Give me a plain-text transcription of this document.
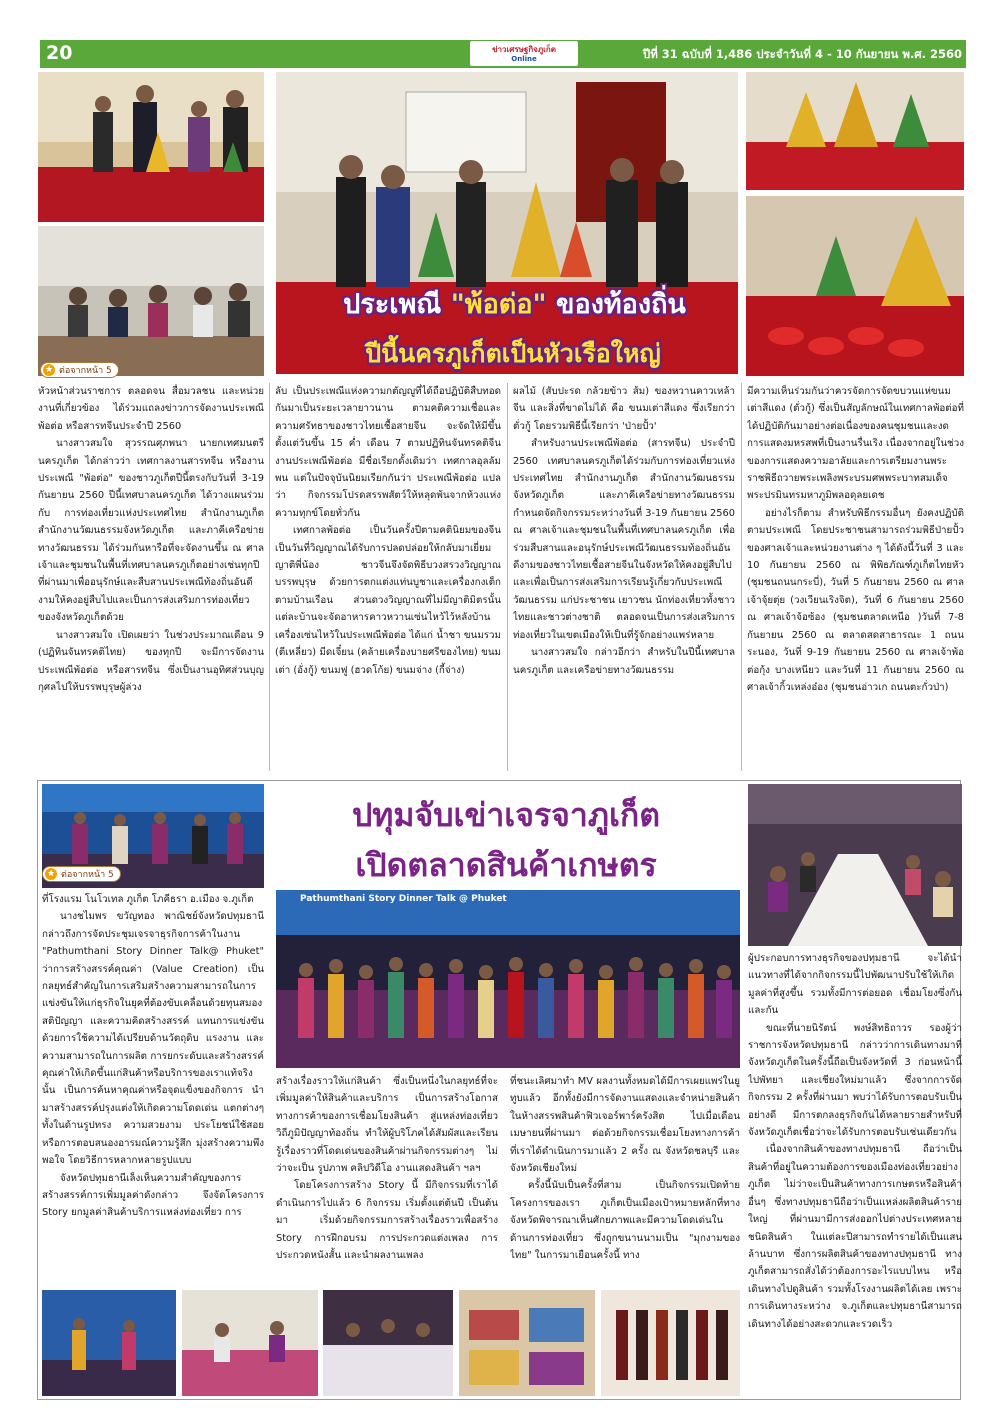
20	ข่าวเศรษฐกิจภูเก็ต
Online	ปีที่ 31 ฉบับที่ 1,486 ประจำวันที่ 4 - 10 กันยายน พ.ศ. 2560
★ ต่อจากหน้า 5
ประเพณี "พ้อต่อ" ของท้องถิ่น
ปีนี้นครภูเก็ตเป็นหัวเรือใหญ่

หัวหน้าส่วนราชการ ตลอดจน สื่อมวลชน และหน่วยงานที่เกี่ยวข้อง ได้ร่วมแถลงข่าวการจัดงานประเพณีพ้อต่อ หรือสารทจีนประจำปี 2560

นางสาวสมใจ สุวรรณศุภพนา นายกเทศมนตรีนครภูเก็ต ได้กล่าวว่า เทศกาลงานสารทจีน หรืองานประเพณี "พ้อต่อ" ของชาวภูเก็ตปีนี้ตรงกับวันที่ 3-19 กันยายน 2560 ปีนี้เทศบาลนครภูเก็ต ได้วางแผนร่วมกับ การท่องเที่ยวแห่งประเทศไทย สำนักงานภูเก็ต สำนักงานวัฒนธรรมจังหวัดภูเก็ต และภาคีเครือข่ายทางวัฒนธรรม ได้ร่วมกันหารือที่จะจัดงานขึ้น ณ ศาลเจ้าและชุมชนในพื้นที่เทศบาลนครภูเก็ตอย่างเช่นทุกปีที่ผ่านมาเพื่ออนุรักษ์และสืบสานประเพณีท้องถิ่นอันดีงามให้คงอยู่สืบไปและเป็นการส่งเสริมการท่องเที่ยวของจังหวัดภูเก็ตด้วย

นางสาวสมใจ เปิดเผยว่า ในช่วงประมาณเดือน 9 (ปฏิทินจันทรคติไทย) ของทุกปี จะมีการจัดงานประเพณีพ้อต่อ หรือสารทจีน ซึ่งเป็นงานอุทิศส่วนบุญกุศลไปให้บรรพบุรุษผู้ล่วง

ลับ เป็นประเพณีแห่งความกตัญญูที่ได้ถือปฏิบัติสืบทอดกันมาเป็นระยะเวลายาวนาน ตามคติความเชื่อและความศรัทธาของชาวไทยเชื้อสายจีน จะจัดให้มีขึ้นตั้งแต่วันขึ้น 15 ค่ำ เดือน 7 ตามปฏิทินจันทรคติจีนงานประเพณีพ้อต่อ มีชื่อเรียกดั้งเดิมว่า เทศกาลอุลลัมพน แต่ในปัจจุบันนิยมเรียกกันว่า ประเพณีพ้อต่อ แปลว่า กิจกรรมโปรดสรรพสัตว์ให้หลุดพ้นจากห้วงแห่งความทุกข์โดยทั่วกัน

เทศกาลพ้อต่อ เป็นวันครั้งปีตามคตินิยมของจีนเป็นวันที่วิญญาณได้รับการปลดปล่อยให้กลับมาเยี่ยมญาติพี่น้อง ชาวจีนจึงจัดพิธีบวงสรวงวิญญาณบรรพบุรุษ ด้วยการตกแต่งแท่นบูชาและเครื่องกงเต็กตามบ้านเรือน ส่วนดวงวิญญาณที่ไม่มีญาติมิตรนั้นแต่ละบ้านจะจัดอาหารคาวหวานเซ่นไหว้ไว้หลังบ้านเครื่องเซ่นไหว้ในประเพณีพ้อต่อ ได้แก่ น้ำชา ขนมรวม (ตีเหลี่ยว) มีดเจี๋ยน (คล้ายเครื่องบายศรีของไทย) ขนมเต่า (อั่งกู้) ขนมฟู (ฮวดโก้ย) ขนมจ่าง (กี้จ่าง)

ผลไม้ (สับปะรด กล้วยข้าว ส้ม) ของหวานคาวเหล้าจีน และสิ่งที่ขาดไม่ได้ คือ ขนมเต่าสีแดง ซึ่งเรียกว่า ตั่วกู้ โดยรวมพิธีนี้เรียกว่า 'ป่ายปั้ว'

สำหรับงานประเพณีพ้อต่อ (สารทจีน) ประจำปี 2560 เทศบาลนครภูเก็ตได้ร่วมกับการท่องเที่ยวแห่งประเทศไทย สำนักงานภูเก็ต สำนักงานวัฒนธรรม จังหวัดภูเก็ต และภาคีเครือข่ายทางวัฒนธรรม กำหนดจัดกิจกรรมระหว่างวันที่ 3-19 กันยายน 2560 ณ ศาลเจ้าและชุมชนในพื้นที่เทศบาลนครภูเก็ต เพื่อร่วมสืบสานและอนุรักษ์ประเพณีวัฒนธรรมท้องถิ่นอันดีงามของชาวไทยเชื้อสายจีนในจังหวัดให้คงอยู่สืบไป และเพื่อเป็นการส่งเสริมการเรียนรู้เกี่ยวกับประเพณีวัฒนธรรม แก่ประชาชน เยาวชน นักท่องเที่ยวทั้งชาวไทยและชาวต่างชาติ ตลอดจนเป็นการส่งเสริมการท่องเที่ยวในเขตเมืองให้เป็นที่รู้จักอย่างแพร่หลาย

นางสาวสมใจ กล่าวอีกว่า สำหรับในปีนี้เทศบาลนครภูเก็ต และเครือข่ายทางวัฒนธรรม

มีความเห็นร่วมกันว่าควรจัดการจัดขบวนแห่ขนมเต่าสีแดง (ตั่วกู้) ซึ่งเป็นสัญลักษณ์ในเทศกาลพ้อต่อที่ได้ปฏิบัติกันมาอย่างต่อเนื่องของคนชุมชนและงดการแสดงมหรสพที่เป็นงานรื่นเริง เนื่องจากอยู่ในช่วงของการแสดงความอาลัยและการเตรียมงานพระราชพิธีถวายพระเพลิงพระบรมศพพระบาทสมเด็จ พระปรมินทรมหาภูมิพลอดุลยเดช

อย่างไรก็ตาม สำหรับพิธีกรรมอื่นๆ ยังคงปฏิบัติตามประเพณี โดยประชาชนสามารถร่วมพิธีป่ายปั้วของศาลเจ้าและหน่วยงานต่าง ๆ ได้ดังนี้วันที่ 3 และ 10 กันยายน 2560 ณ พิพิธภัณฑ์ภูเก็ตไทยหัว (ชุมชนถนนกระบี่), วันที่ 5 กันยายน 2560 ณ ศาลเจ้าจุ้ยตุ่ย (วงเวียนเริงจิต), วันที่ 6 กันยายน 2560 ณ ศาลเจ้าจ้อซ้อง (ชุมชนตลาดเหนือ )วันที่ 7-8 กันยายน 2560 ณ ตลาดสดสาธารณะ 1 ถนนระนอง, วันที่ 9-19 กันยายน 2560 ณ ศาลเจ้าพ้อต่อกุ้ง บางเหนียว และวันที่ 11 กันยายน 2560 ณ ศาลเจ้ากิ้วเหล่งอ๋อง (ชุมชนอ่าวเก ถนนตะกั่วป่า)

★ ต่อจากหน้า 5
Pathumthani Story Dinner Talk @ Phuket
ปทุมจับเข่าเจรจาภูเก็ต
เปิดตลาดสินค้าเกษตร

ที่โรงแรม โนโวเทล ภูเก็ต โภคีธรา อ.เมือง จ.ภูเก็ต

นางชไมพร ขวัญทอง พาณิชย์จังหวัดปทุมธานี กล่าวถึงการจัดประชุมเจรจาธุรกิจการค้าในงาน "Pathumthani Story Dinner Talk@ Phuket" ว่าการสร้างสรรค์คุณค่า (Value Creation) เป็นกลยุทธ์สำคัญในการเสริมสร้างความสามารถในการแข่งขันให้แก่ธุรกิจในยุคที่ต้องขับเคลื่อนด้วยทุนสมอง สติปัญญา และความคิดสร้างสรรค์ แทนการแข่งขันด้วยการใช้ความได้เปรียบด้านวัตถุดิบ แรงงาน และความสามารถในการผลิต การยกระดับและสร้างสรรค์คุณค่าให้เกิดขึ้นแก่สินค้าหรือบริการของเราแท้จริงนั้น เป็นการค้นหาคุณค่าหรือจุดแข็งของกิจการ นำมาสร้างสรรค์ปรุงแต่งให้เกิดความโดดเด่น แตกต่างๆ ทั้งในด้านรูปทรง ความสวยงาม ประโยชน์ใช้สอย หรือการตอบสนองอารมณ์ความรู้สึก มุ่งสร้างความพึงพอใจ โดยวิธีการหลากหลายรูปแบบ

จังหวัดปทุมธานีเล็งเห็นความสำคัญของการสร้างสรรค์การเพิ่มมูลค่าดังกล่าว จึงจัดโครงการ Story ยกมูลค่าสินค้าบริการแหล่งท่องเที่ยว การ

สร้างเรื่องราวให้แก่สินค้า ซึ่งเป็นหนึ่งในกลยุทธ์ที่จะเพิ่มมูลค่าให้สินค้าและบริการ เป็นการสร้างโอกาสทางการค้าของการเชื่อมโยงสินค้า สู่แหล่งท่องเที่ยว วิถีภูมิปัญญาท้องถิ่น ทำให้ผู้บริโภคได้สัมผัสและเรียนรู้เรื่องราวที่โดดเด่นของสินค้าผ่านกิจกรรมต่างๆ ไม่ว่าจะเป็น รูปภาพ คลิปวิดีโอ งานแสดงสินค้า ฯลฯ

โดยโครงการสร้าง Story นี้ มีกิจกรรมที่เราได้ดำเนินการไปแล้ว 6 กิจกรรม เริ่มตั้งแต่ต้นปี เป็นต้นมา เริ่มด้วยกิจกรรมการสร้างเรื่องราวเพื่อสร้าง Story การฝึกอบรม การประกวดแต่งเพลง การประกวดหนังสั้น และนำผลงานเพลง

ที่ชนะเลิศมาทำ MV ผลงานทั้งหมดได้มีการเผยแพร่ในยูทูบแล้ว อีกทั้งยังมีการจัดงานแสดงและจำหน่ายสินค้าในห้างสรรพสินค้าฟิวเจอร์พาร์ครังสิต ไปเมื่อเดือนเมษายนที่ผ่านมา ต่อด้วยกิจกรรมเชื่อมโยงทางการค้า ที่เราได้ดำเนินการมาแล้ว 2 ครั้ง ณ จังหวัดชลบุรี และจังหวัดเชียงใหม่

ครั้งนี้นับเป็นครั้งที่สาม เป็นกิจกรรมเปิดท้ายโครงการของเรา ภูเก็ตเป็นเมืองเป้าหมายหลักที่ทางจังหวัดพิจารณาเห็นศักยภาพและมีความโดดเด่นในด้านการท่องเที่ยว ซึ่งถูกขนานนามเป็น "มุกงามของไทย" ในการมาเยือนครั้งนี้ ทาง

ผู้ประกอบการทางธุรกิจของปทุมธานี จะได้นำแนวทางที่ได้จากกิจกรรมนี้ไปพัฒนาปรับใช้ให้เกิดมูลค่าที่สูงขึ้น รวมทั้งมีการต่อยอด เชื่อมโยงซึ่งกันและกัน

ขณะที่นายนิรัตน์ พงษ์สิทธิถาวร รองผู้ว่าราชการจังหวัดปทุมธานี กล่าวว่าการเดินทางมาที่จังหวัดภูเก็ตในครั้งนี้ถือเป็นจังหวัดที่ 3 ก่อนหน้านี้ไปพัทยา และเชียงใหม่มาแล้ว ซึ่งจากการจัดกิจกรรม 2 ครั้งที่ผ่านมา พบว่าได้รับการตอบรับเป็นอย่างดี มีการตกลงธุรกิจกันได้หลายรายสำหรับที่จังหวัดภูเก็ตเชื่อว่าจะได้รับการตอบรับเช่นเดียวกัน

เนื่องจากสินค้าของทางปทุมธานี ถือว่าเป็นสินค้าที่อยู่ในความต้องการของเมืองท่องเที่ยวอย่างภูเก็ต ไม่ว่าจะเป็นสินค้าทางการเกษตรหรือสินค้าอื่นๆ ซึ่งทางปทุมธานีถือว่าเป็นแหล่งผลิตสินค้ารายใหญ่ ที่ผ่านมามีการส่งออกไปต่างประเทศหลายชนิดสินค้า ในแต่ละปีสามารถทำรายได้เป็นแสนล้านบาท ซึ่งการผลิตสินค้าของทางปทุมธานี ทางภูเก็ตสามารถสั่งได้ว่าต้องการอะไรแบบไหน หรือเดินทางไปดูสินค้า รวมทั้งโรงงานผลิตได้เลย เพราะการเดินทางระหว่าง จ.ภูเก็ตและปทุมธานีสามารถเดินทางได้อย่างสะดวกและรวดเร็ว
